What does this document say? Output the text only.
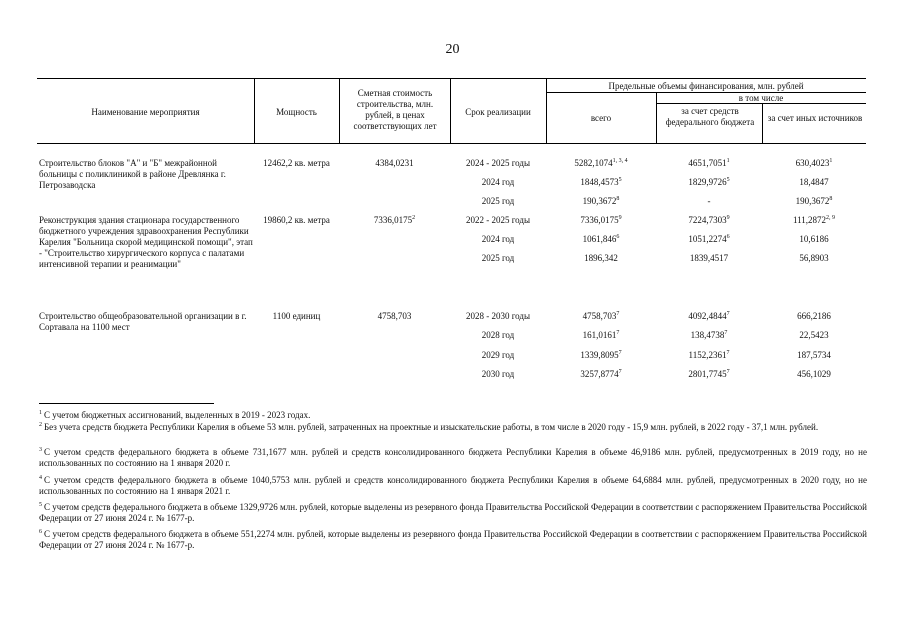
20
Наименование мероприятия	Мощность
Сметная стоимость строительства, млн. рублей, в ценах соответствующих лет
Срок реализации
Предельные объемы финансирования, млн. рублей
всего
в том числе
за счет средств федерального бюджета	за счет иных источников
Строительство блоков "А" и "Б" межрайонной больницы с поликлиникой в районе Древлянка г. Петрозаводска
12462,2 кв. метра	4384,0231	2024 - 2025 годы	5282,1074$^{1, 3, 4}$	4651,7051$^1$	630,4023$^1$
2024 год	1848,4573$^5$	1829,9726$^5$	18,4847
2025 год	190,3672$^8$	-	190,3672$^8$
Реконструкция здания стационара государственного бюджетного учреждения здравоохранения Республики Карелия "Больница скорой медицинской помощи", этап - "Строительство хирургического корпуса с палатами интенсивной терапии и реанимации"
19860,2 кв. метра	7336,0175$^2$	2022 - 2025 годы	7336,0175$^9$	7224,7303$^9$	111,2872$^{2, 9}$
2024 год	1061,846$^6$	1051,2274$^6$	10,6186
2025 год	1896,342	1839,4517	56,8903
Строительство общеобразовательной организации в г. Сортавала на 1100 мест
1100 единиц	4758,703	2028 - 2030 годы	4758,703$^7$	4092,4844$^7$	666,2186
2028 год	161,0161$^7$	138,4738$^7$	22,5423
2029 год	1339,8095$^7$	1152,2361$^7$	187,5734
2030 год	3257,8774$^7$	2801,7745$^7$	456,1029
$^1$ С учетом бюджетных ассигнований, выделенных в 2019 - 2023 годах.
$^2$ Без учета средств бюджета Республики Карелия в объеме 53 млн. рублей, затраченных на проектные и изыскательские работы, в том числе в 2020 году - 15,9 млн. рублей, в 2022 году - 37,1 млн. рублей.
$^3$ С учетом средств федерального бюджета в объеме 731,1677 млн. рублей и средств консолидированного бюджета Республики Карелия в объеме 46,9186 млн. рублей, предусмотренных в 2019 году, но не использованных по состоянию на 1 января 2020 г.
$^4$ С учетом средств федерального бюджета в объеме 1040,5753 млн. рублей и средств консолидированного бюджета Республики Карелия в объеме 64,6884 млн. рублей, предусмотренных в 2020 году, но не использованных по состоянию на 1 января 2021 г.
$^5$ С учетом средств федерального бюджета в объеме 1329,9726 млн. рублей, которые выделены из резервного фонда Правительства Российской Федерации в соответствии с распоряжением Правительства Российской Федерации от 27 июня 2024 г. № 1677-р.
$^6$ С учетом средств федерального бюджета в объеме 551,2274 млн. рублей, которые выделены из резервного фонда Правительства Российской Федерации в соответствии с распоряжением Правительства Российской Федерации от 27 июня 2024 г. № 1677-р.
